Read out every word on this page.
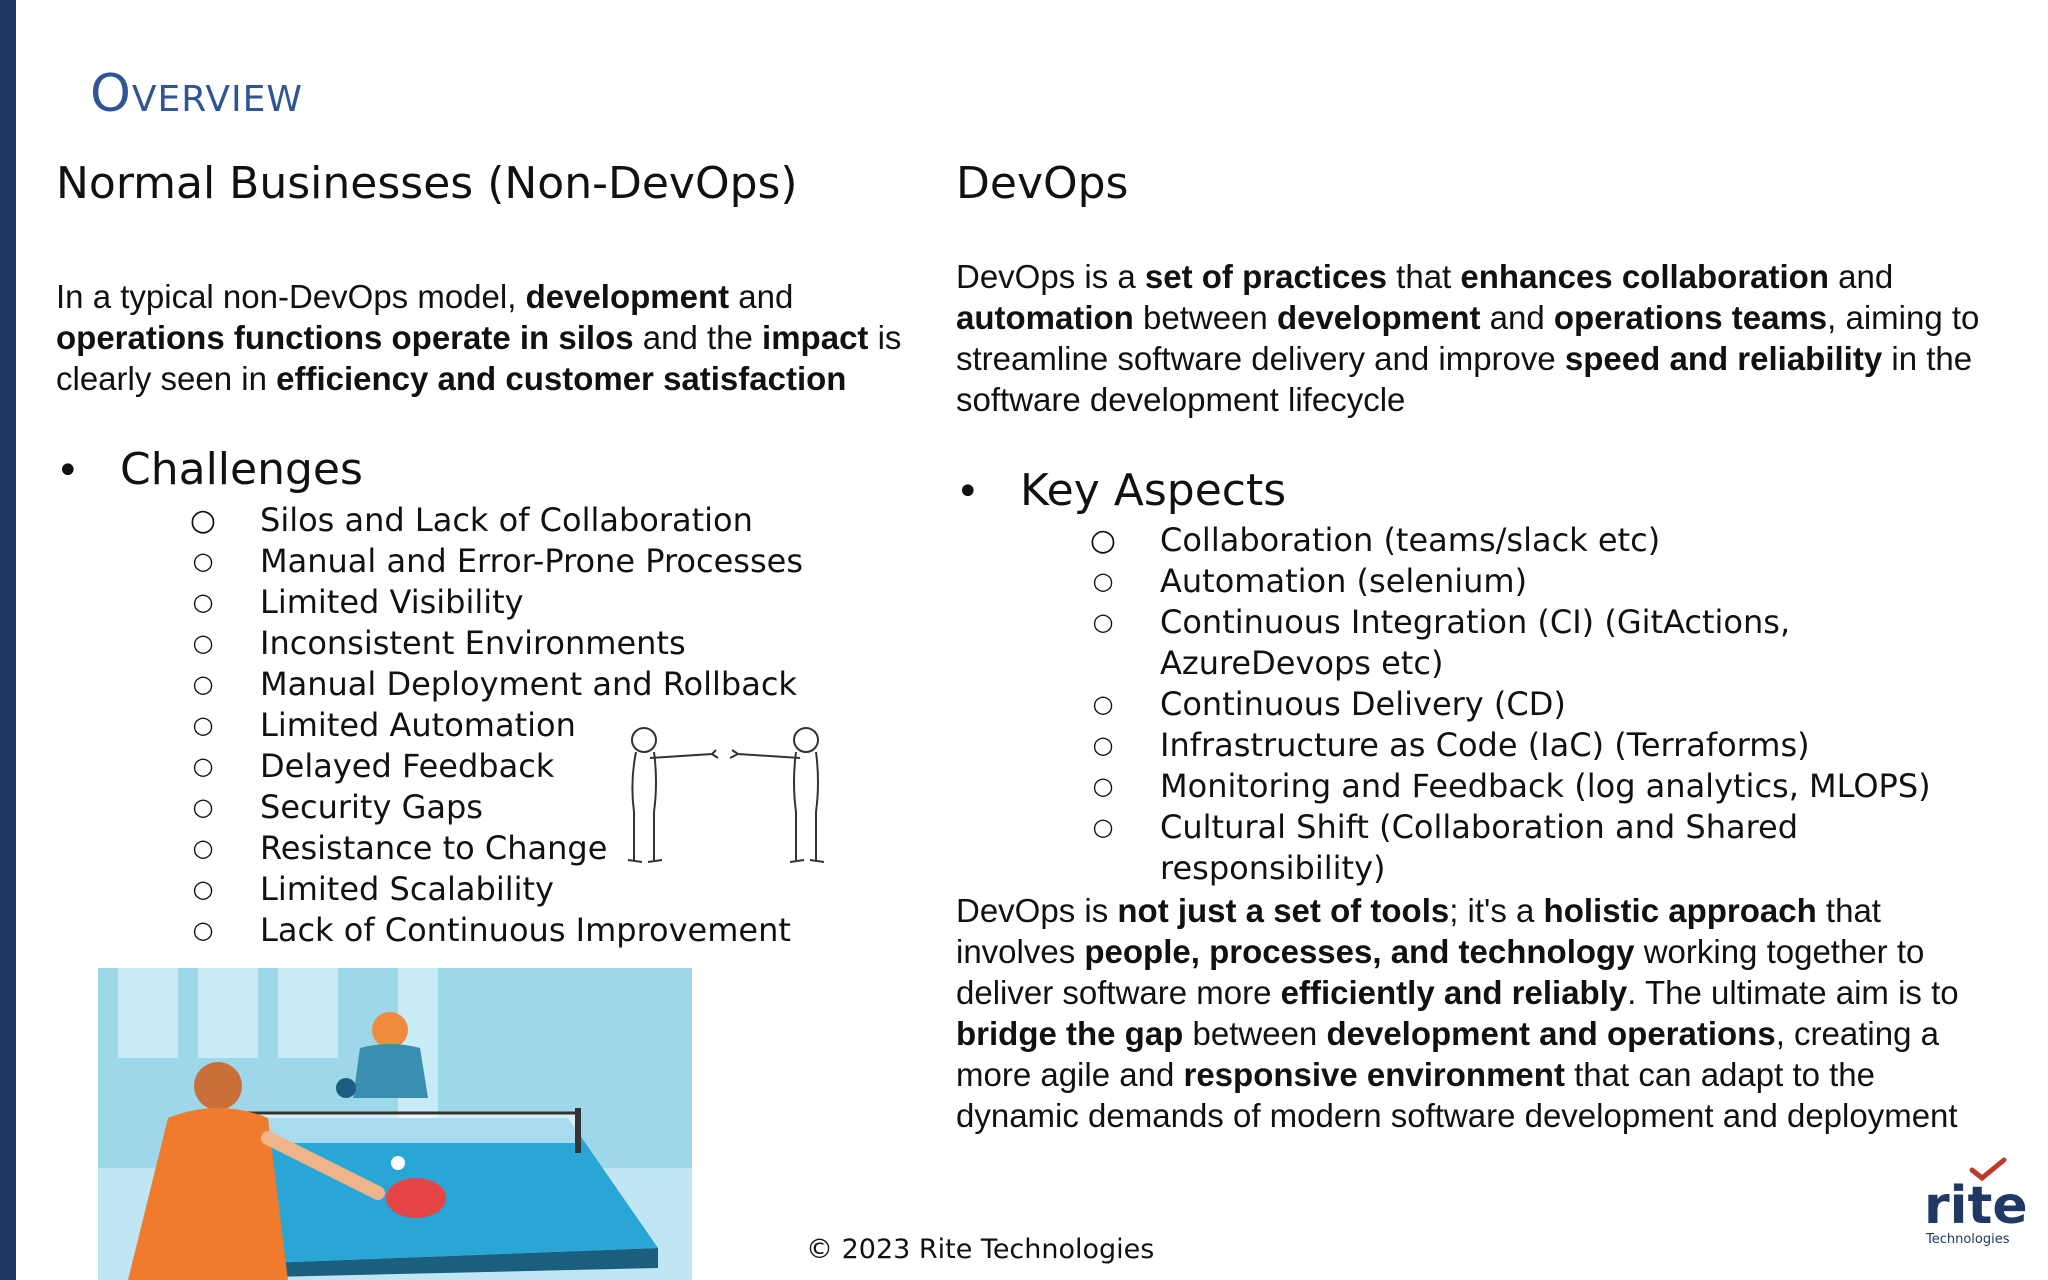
Overview
Normal Businesses (Non-DevOps)
In a typical non-DevOps model, development and operations functions operate in silos and the impact is clearly seen in efficiency and customer satisfaction
• Challenges
○ Silos and Lack of Collaboration
○ Manual and Error-Prone Processes
○ Limited Visibility
○ Inconsistent Environments
○ Manual Deployment and Rollback
○ Limited Automation
○ Delayed Feedback
○ Security Gaps
○ Resistance to Change
○ Limited Scalability
○ Lack of Continuous Improvement
DevOps
DevOps is a set of practices that enhances collaboration and automation between development and operations teams, aiming to streamline software delivery and improve speed and reliability in the software development lifecycle
• Key Aspects
○ Collaboration (teams/slack etc)
○ Automation (selenium)
○ Continuous Integration (CI) (GitActions, AzureDevops etc)
○ Continuous Delivery (CD)
○ Infrastructure as Code (IaC) (Terraforms)
○ Monitoring and Feedback (log analytics, MLOPS)
○ Cultural Shift (Collaboration and Shared responsibility)
DevOps is not just a set of tools; it's a holistic approach that involves people, processes, and technology working together to deliver software more efficiently and reliably. The ultimate aim is to bridge the gap between development and operations, creating a more agile and responsive environment that can adapt to the dynamic demands of modern software development and deployment
© 2023 Rite Technologies
rite
Technologies
